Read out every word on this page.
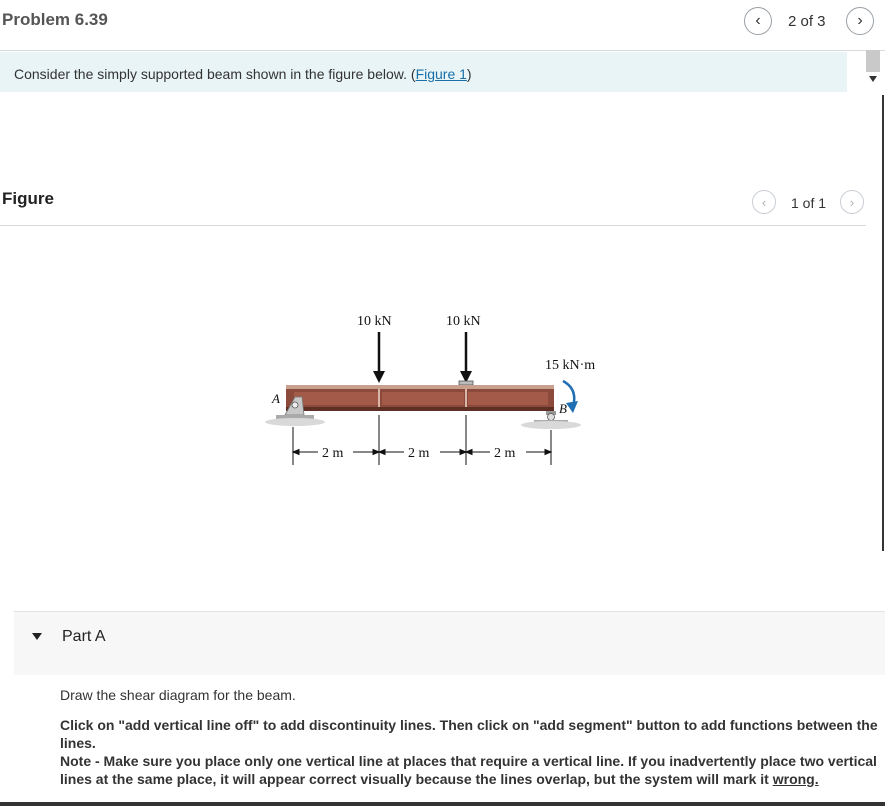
Problem 6.39	‹ 2 of 3 ›
Consider the simply supported beam shown in the figure below. (Figure 1)
Figure	‹ 1 of 1 ›
10 kN	10 kN
15 kN·m
A
B
2 m	2 m	2 m
Part A
Draw the shear diagram for the beam.
Click on "add vertical line off" to add discontinuity lines. Then click on "add segment" button to add functions between the lines.
Note - Make sure you place only one vertical line at places that require a vertical line. If you inadvertently place two vertical lines at the same place, it will appear correct visually because the lines overlap, but the system will mark it wrong.
